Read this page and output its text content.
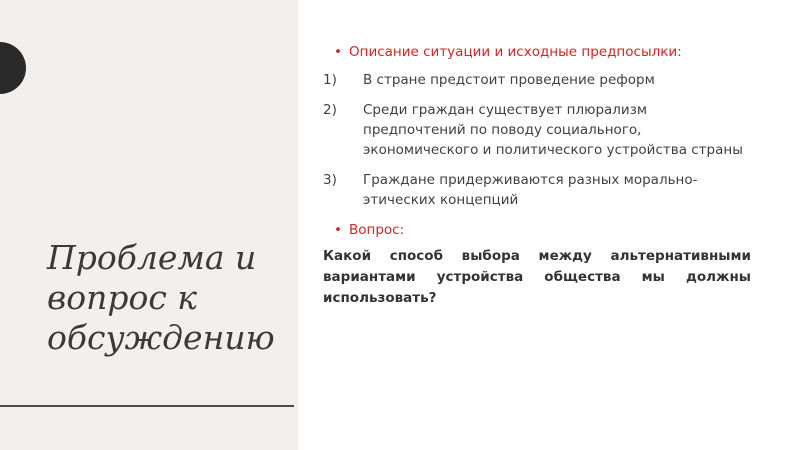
Проблема и
вопрос к
обсуждению
• Описание ситуации и исходные предпосылки:
1) В стране предстоит проведение реформ
2) Среди граждан существует плюрализм предпочтений по поводу социального, экономического и политического устройства страны
3) Граждане придерживаются разных морально-этических концепций
• Вопрос:
Какой способ выбора между альтернативными вариантами устройства общества мы должны использовать?
